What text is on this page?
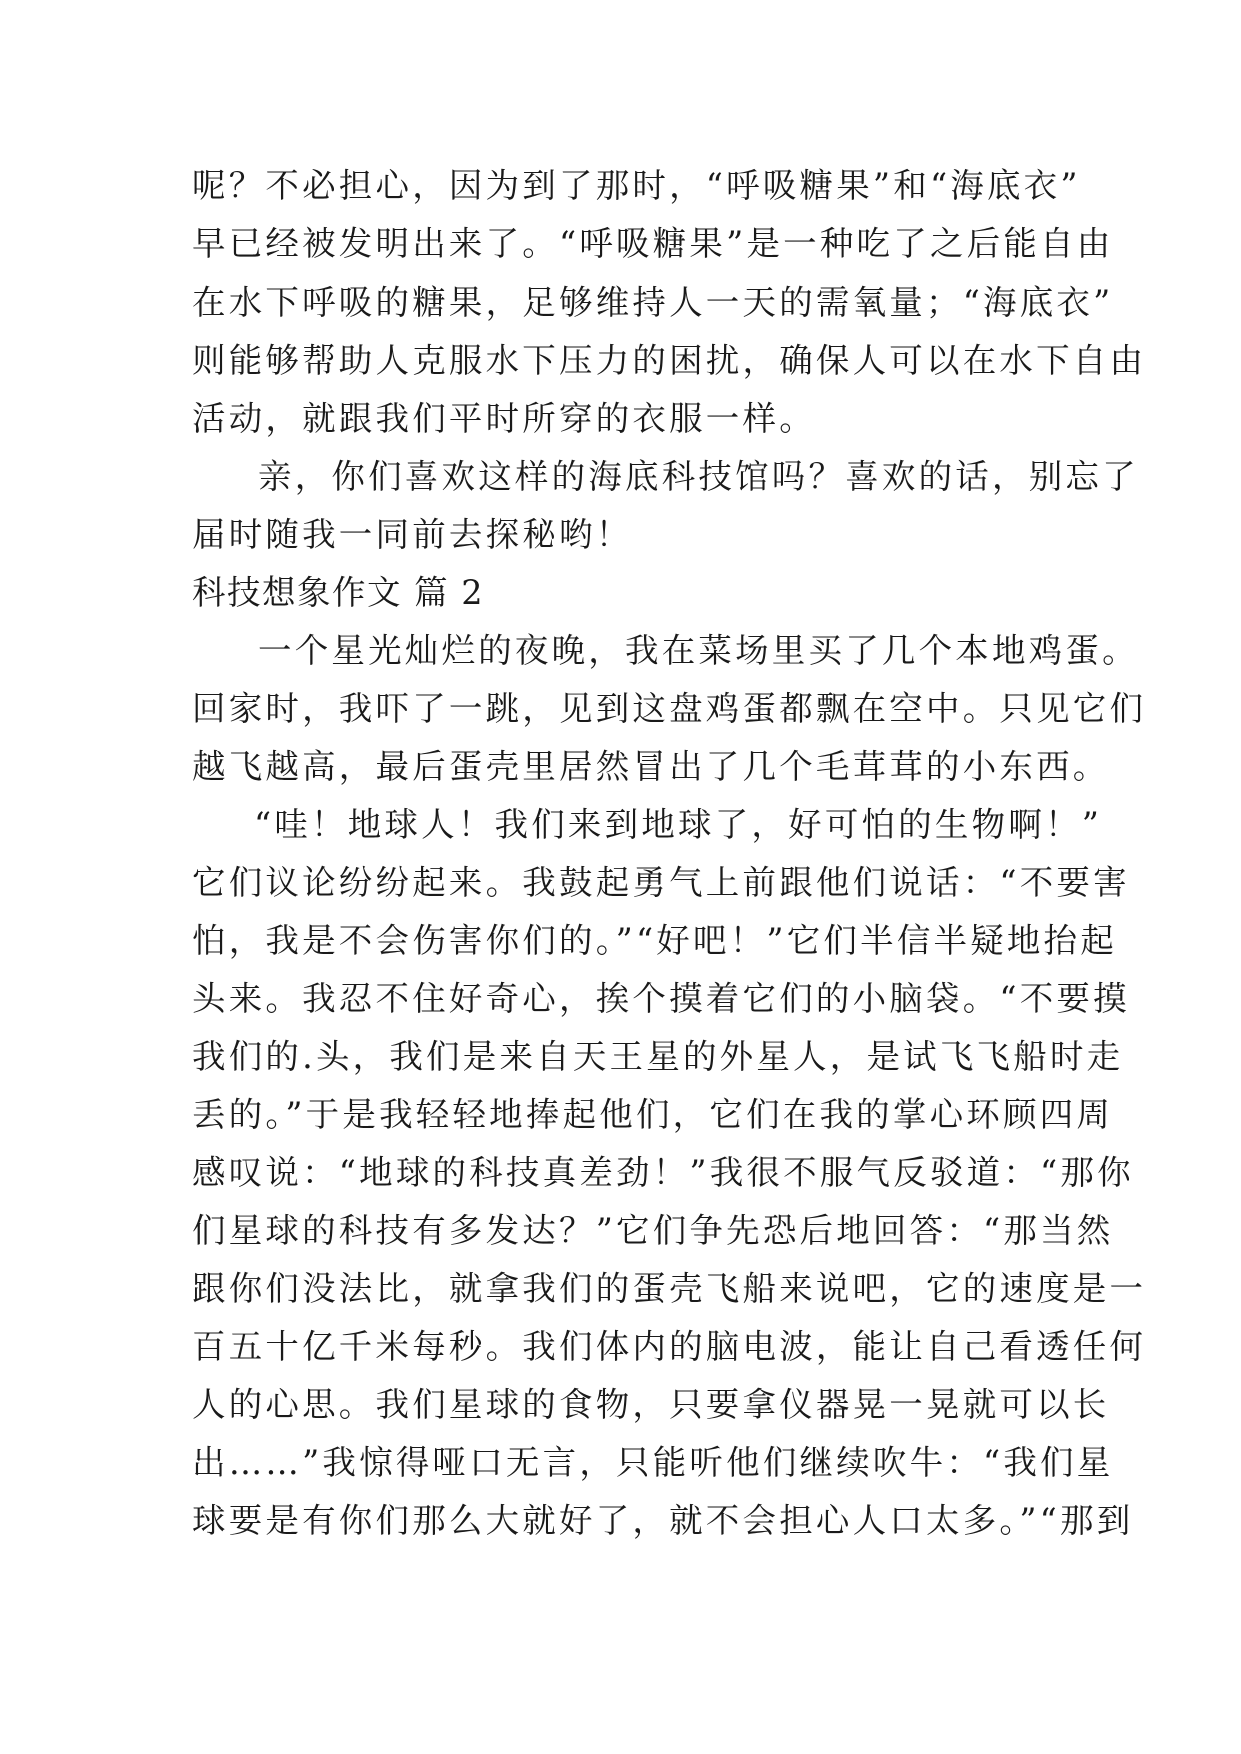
呢？不必担心，因为到了那时，“呼吸糖果”和“海底衣”
早已经被发明出来了。“呼吸糖果”是一种吃了之后能自由
在水下呼吸的糖果，足够维持人一天的需氧量；“海底衣”
则能够帮助人克服水下压力的困扰，确保人可以在水下自由
活动，就跟我们平时所穿的衣服一样。
亲，你们喜欢这样的海底科技馆吗？喜欢的话，别忘了
届时随我一同前去探秘哟！
科技想象作文 篇 2
一个星光灿烂的夜晚，我在菜场里买了几个本地鸡蛋。
回家时，我吓了一跳，见到这盘鸡蛋都飘在空中。只见它们
越飞越高，最后蛋壳里居然冒出了几个毛茸茸的小东西。
“哇！地球人！我们来到地球了，好可怕的生物啊！”
它们议论纷纷起来。我鼓起勇气上前跟他们说话：“不要害
怕，我是不会伤害你们的。”“好吧！”它们半信半疑地抬起
头来。我忍不住好奇心，挨个摸着它们的小脑袋。“不要摸
我们的.头，我们是来自天王星的外星人，是试飞飞船时走
丢的。”于是我轻轻地捧起他们，它们在我的掌心环顾四周
感叹说：“地球的科技真差劲！”我很不服气反驳道：“那你
们星球的科技有多发达？”它们争先恐后地回答：“那当然
跟你们没法比，就拿我们的蛋壳飞船来说吧，它的速度是一
百五十亿千米每秒。我们体内的脑电波，能让自己看透任何
人的心思。我们星球的食物，只要拿仪器晃一晃就可以长
出……”我惊得哑口无言，只能听他们继续吹牛：“我们星
球要是有你们那么大就好了，就不会担心人口太多。”“那到
